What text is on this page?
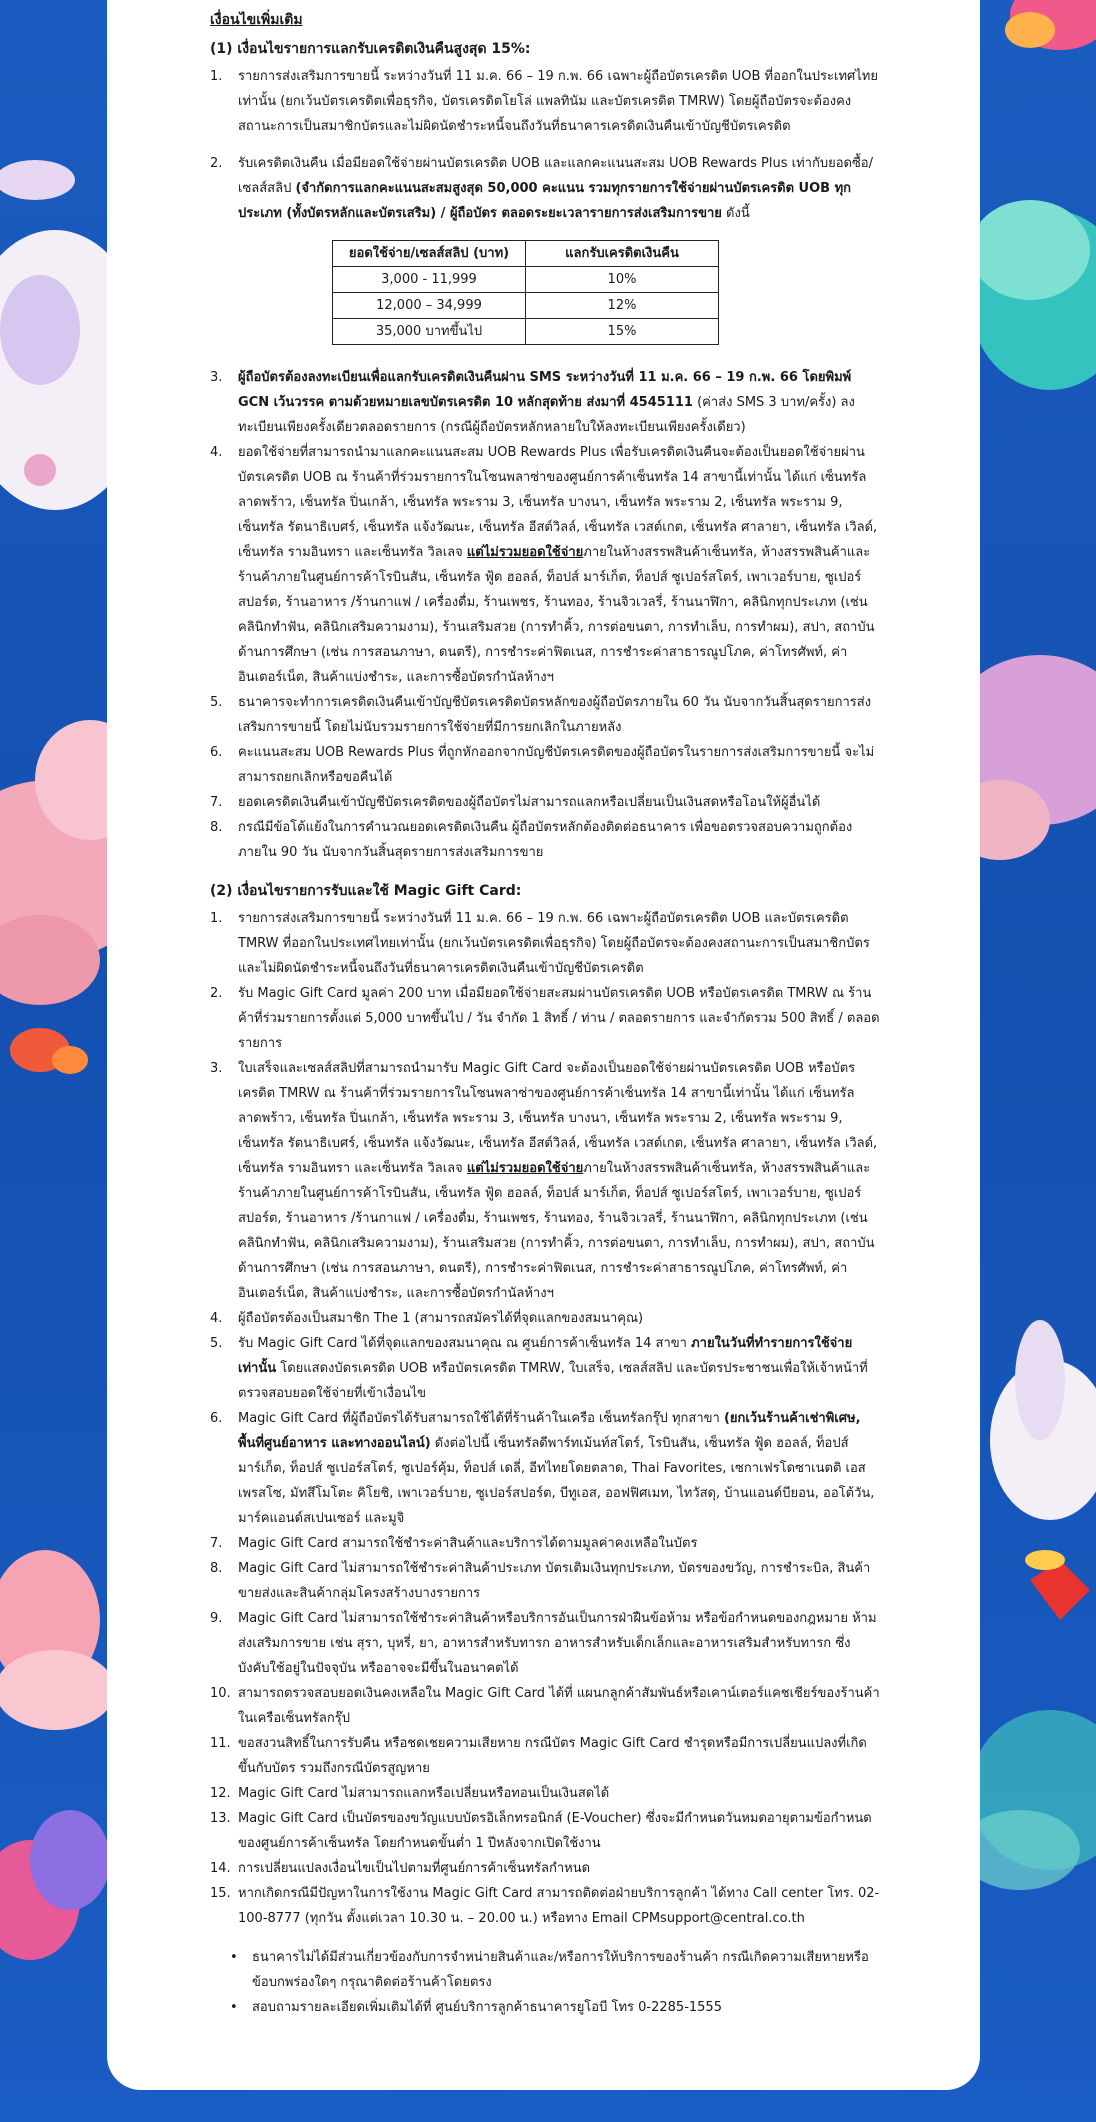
เงื่อนไขเพิ่มเติม
(1) เงื่อนไขรายการแลกรับเครดิตเงินคืนสูงสุด 15%:
1. รายการส่งเสริมการขายนี้ ระหว่างวันที่ 11 ม.ค. 66 – 19 ก.พ. 66 เฉพาะผู้ถือบัตรเครดิต UOB ที่ออกในประเทศไทยเท่านั้น (ยกเว้นบัตรเครดิตเพื่อธุรกิจ, บัตรเครดิตโยโล่ แพลทินัม และบัตรเครดิต TMRW) โดยผู้ถือบัตรจะต้องคงสถานะการเป็นสมาชิกบัตรและไม่ผิดนัดชำระหนี้จนถึงวันที่ธนาคารเครดิตเงินคืนเข้าบัญชีบัตรเครดิต
2. รับเครดิตเงินคืน เมื่อมียอดใช้จ่ายผ่านบัตรเครดิต UOB และแลกคะแนนสะสม UOB Rewards Plus เท่ากับยอดซื้อ/เซลส์สลิป (จำกัดการแลกคะแนนสะสมสูงสุด 50,000 คะแนน รวมทุกรายการใช้จ่ายผ่านบัตรเครดิต UOB ทุกประเภท (ทั้งบัตรหลักและบัตรเสริม) / ผู้ถือบัตร ตลอดระยะเวลารายการส่งเสริมการขาย ดังนี้
ยอดใช้จ่าย/เซลส์สลิป (บาท)	แลกรับเครดิตเงินคืน
3,000 - 11,999	10%
12,000 – 34,999	12%
35,000 บาทขึ้นไป	15%
3. ผู้ถือบัตรต้องลงทะเบียนเพื่อแลกรับเครดิตเงินคืนผ่าน SMS ระหว่างวันที่ 11 ม.ค. 66 – 19 ก.พ. 66 โดยพิมพ์ GCN เว้นวรรค ตามด้วยหมายเลขบัตรเครดิต 10 หลักสุดท้าย ส่งมาที่ 4545111 (ค่าส่ง SMS 3 บาท/ครั้ง) ลงทะเบียนเพียงครั้งเดียวตลอดรายการ (กรณีผู้ถือบัตรหลักหลายใบให้ลงทะเบียนเพียงครั้งเดียว)
4. ยอดใช้จ่ายที่สามารถนำมาแลกคะแนนสะสม UOB Rewards Plus เพื่อรับเครดิตเงินคืนจะต้องเป็นยอดใช้จ่ายผ่านบัตรเครดิต UOB ณ ร้านค้าที่ร่วมรายการในโซนพลาซ่าของศูนย์การค้าเซ็นทรัล 14 สาขานี้เท่านั้น ได้แก่ เซ็นทรัล ลาดพร้าว, เซ็นทรัล ปิ่นเกล้า, เซ็นทรัล พระราม 3, เซ็นทรัล บางนา, เซ็นทรัล พระราม 2, เซ็นทรัล พระราม 9, เซ็นทรัล รัตนาธิเบศร์, เซ็นทรัล แจ้งวัฒนะ, เซ็นทรัล อีสต์วิลล์, เซ็นทรัล เวสต์เกต, เซ็นทรัล ศาลายา, เซ็นทรัล เวิลด์, เซ็นทรัล รามอินทรา และเซ็นทรัล วิลเลจ แต่ไม่รวมยอดใช้จ่ายภายในห้างสรรพสินค้าเซ็นทรัล, ห้างสรรพสินค้าและร้านค้าภายในศูนย์การค้าโรบินสัน, เซ็นทรัล ฟู้ด ฮอลล์, ท็อปส์ มาร์เก็ต, ท็อปส์ ซูเปอร์สโตร์, เพาเวอร์บาย, ซูเปอร์สปอร์ต, ร้านอาหาร /ร้านกาแฟ / เครื่องดื่ม, ร้านเพชร, ร้านทอง, ร้านจิวเวลรี่, ร้านนาฬิกา, คลินิกทุกประเภท (เช่น คลินิกทำฟัน, คลินิกเสริมความงาม), ร้านเสริมสวย (การทำคิ้ว, การต่อขนตา, การทำเล็บ, การทำผม), สปา, สถาบันด้านการศึกษา (เช่น การสอนภาษา, ดนตรี), การชำระค่าฟิตเนส, การชำระค่าสาธารณูปโภค, ค่าโทรศัพท์, ค่าอินเตอร์เน็ต, สินค้าแบ่งชำระ, และการซื้อบัตรกำนัลห้างฯ
5. ธนาคารจะทำการเครดิตเงินคืนเข้าบัญชีบัตรเครดิตบัตรหลักของผู้ถือบัตรภายใน 60 วัน นับจากวันสิ้นสุดรายการส่งเสริมการขายนี้ โดยไม่นับรวมรายการใช้จ่ายที่มีการยกเลิกในภายหลัง
6. คะแนนสะสม UOB Rewards Plus ที่ถูกหักออกจากบัญชีบัตรเครดิตของผู้ถือบัตรในรายการส่งเสริมการขายนี้ จะไม่สามารถยกเลิกหรือขอคืนได้
7. ยอดเครดิตเงินคืนเข้าบัญชีบัตรเครดิตของผู้ถือบัตรไม่สามารถแลกหรือเปลี่ยนเป็นเงินสดหรือโอนให้ผู้อื่นได้
8. กรณีมีข้อโต้แย้งในการคำนวณยอดเครดิตเงินคืน ผู้ถือบัตรหลักต้องติดต่อธนาคาร เพื่อขอตรวจสอบความถูกต้องภายใน 90 วัน นับจากวันสิ้นสุดรายการส่งเสริมการขาย
(2) เงื่อนไขรายการรับและใช้ Magic Gift Card:
1. รายการส่งเสริมการขายนี้ ระหว่างวันที่ 11 ม.ค. 66 – 19 ก.พ. 66 เฉพาะผู้ถือบัตรเครดิต UOB และบัตรเครดิต TMRW ที่ออกในประเทศไทยเท่านั้น (ยกเว้นบัตรเครดิตเพื่อธุรกิจ) โดยผู้ถือบัตรจะต้องคงสถานะการเป็นสมาชิกบัตรและไม่ผิดนัดชำระหนี้จนถึงวันที่ธนาคารเครดิตเงินคืนเข้าบัญชีบัตรเครดิต
2. รับ Magic Gift Card มูลค่า 200 บาท เมื่อมียอดใช้จ่ายสะสมผ่านบัตรเครดิต UOB หรือบัตรเครดิต TMRW ณ ร้านค้าที่ร่วมรายการตั้งแต่ 5,000 บาทขึ้นไป / วัน จำกัด 1 สิทธิ์ / ท่าน / ตลอดรายการ และจำกัดรวม 500 สิทธิ์ / ตลอดรายการ
3. ใบเสร็จและเซลส์สลิปที่สามารถนำมารับ Magic Gift Card จะต้องเป็นยอดใช้จ่ายผ่านบัตรเครดิต UOB หรือบัตรเครดิต TMRW ณ ร้านค้าที่ร่วมรายการในโซนพลาซ่าของศูนย์การค้าเซ็นทรัล 14 สาขานี้เท่านั้น ได้แก่ เซ็นทรัล ลาดพร้าว, เซ็นทรัล ปิ่นเกล้า, เซ็นทรัล พระราม 3, เซ็นทรัล บางนา, เซ็นทรัล พระราม 2, เซ็นทรัล พระราม 9, เซ็นทรัล รัตนาธิเบศร์, เซ็นทรัล แจ้งวัฒนะ, เซ็นทรัล อีสต์วิลล์, เซ็นทรัล เวสต์เกต, เซ็นทรัล ศาลายา, เซ็นทรัล เวิลด์, เซ็นทรัล รามอินทรา และเซ็นทรัล วิลเลจ แต่ไม่รวมยอดใช้จ่ายภายในห้างสรรพสินค้าเซ็นทรัล, ห้างสรรพสินค้าและร้านค้าภายในศูนย์การค้าโรบินสัน, เซ็นทรัล ฟู้ด ฮอลล์, ท็อปส์ มาร์เก็ต, ท็อปส์ ซูเปอร์สโตร์, เพาเวอร์บาย, ซูเปอร์สปอร์ต, ร้านอาหาร /ร้านกาแฟ / เครื่องดื่ม, ร้านเพชร, ร้านทอง, ร้านจิวเวลรี่, ร้านนาฬิกา, คลินิกทุกประเภท (เช่น คลินิกทำฟัน, คลินิกเสริมความงาม), ร้านเสริมสวย (การทำคิ้ว, การต่อขนตา, การทำเล็บ, การทำผม), สปา, สถาบันด้านการศึกษา (เช่น การสอนภาษา, ดนตรี), การชำระค่าฟิตเนส, การชำระค่าสาธารณูปโภค, ค่าโทรศัพท์, ค่าอินเตอร์เน็ต, สินค้าแบ่งชำระ, และการซื้อบัตรกำนัลห้างฯ
4. ผู้ถือบัตรต้องเป็นสมาชิก The 1 (สามารถสมัครได้ที่จุดแลกของสมนาคุณ)
5. รับ Magic Gift Card ได้ที่จุดแลกของสมนาคุณ ณ ศูนย์การค้าเซ็นทรัล 14 สาขา ภายในวันที่ทำรายการใช้จ่ายเท่านั้น โดยแสดงบัตรเครดิต UOB หรือบัตรเครดิต TMRW, ใบเสร็จ, เซลส์สลิป และบัตรประชาชนเพื่อให้เจ้าหน้าที่ตรวจสอบยอดใช้จ่ายที่เข้าเงื่อนไข
6. Magic Gift Card ที่ผู้ถือบัตรได้รับสามารถใช้ได้ที่ร้านค้าในเครือ เซ็นทรัลกรุ๊ป ทุกสาขา (ยกเว้นร้านค้าเช่าพิเศษ, พื้นที่ศูนย์อาหาร และทางออนไลน์) ดังต่อไปนี้ เซ็นทรัลดีพาร์ทเม้นท์สโตร์, โรบินสัน, เซ็นทรัล ฟู้ด ฮอลล์, ท็อปส์ มาร์เก็ต, ท็อปส์ ซูเปอร์สโตร์, ซูเปอร์คุ้ม, ท็อปส์ เดลี่, อีทไทยโดยตลาด, Thai Favorites, เซกาเฟรโดซาเนตติ เอสเพรสโซ, มัทสึโมโตะ คิโยชิ, เพาเวอร์บาย, ซูเปอร์สปอร์ต, บีทูเอส, ออฟฟิศเมท, ไทวัสดุ, บ้านแอนด์บียอน, ออโต้วัน, มาร์คแอนด์สเปนเซอร์ และมูจิ
7. Magic Gift Card สามารถใช้ชำระค่าสินค้าและบริการได้ตามมูลค่าคงเหลือในบัตร
8. Magic Gift Card ไม่สามารถใช้ชำระค่าสินค้าประเภท บัตรเติมเงินทุกประเภท, บัตรของขวัญ, การชำระบิล, สินค้าขายส่งและสินค้ากลุ่มโครงสร้างบางรายการ
9. Magic Gift Card ไม่สามารถใช้ชำระค่าสินค้าหรือบริการอันเป็นการฝ่าฝืนข้อห้าม หรือข้อกำหนดของกฎหมาย ห้ามส่งเสริมการขาย เช่น สุรา, บุหรี่, ยา, อาหารสำหรับทารก อาหารสำหรับเด็กเล็กและอาหารเสริมสำหรับทารก ซึ่งบังคับใช้อยู่ในปัจจุบัน หรืออาจจะมีขึ้นในอนาคตได้
10. สามารถตรวจสอบยอดเงินคงเหลือใน Magic Gift Card ได้ที่ แผนกลูกค้าสัมพันธ์หรือเคาน์เตอร์แคชเชียร์ของร้านค้าในเครือเซ็นทรัลกรุ๊ป
11. ขอสงวนสิทธิ์ในการรับคืน หรือชดเชยความเสียหาย กรณีบัตร Magic Gift Card ชำรุดหรือมีการเปลี่ยนแปลงที่เกิดขึ้นกับบัตร รวมถึงกรณีบัตรสูญหาย
12. Magic Gift Card ไม่สามารถแลกหรือเปลี่ยนหรือทอนเป็นเงินสดได้
13. Magic Gift Card เป็นบัตรของขวัญแบบบัตรอิเล็กทรอนิกส์ (E-Voucher) ซึ่งจะมีกำหนดวันหมดอายุตามข้อกำหนดของศูนย์การค้าเซ็นทรัล โดยกำหนดขั้นต่ำ 1 ปีหลังจากเปิดใช้งาน
14. การเปลี่ยนแปลงเงื่อนไขเป็นไปตามที่ศูนย์การค้าเซ็นทรัลกำหนด
15. หากเกิดกรณีมีปัญหาในการใช้งาน Magic Gift Card สามารถติดต่อฝ่ายบริการลูกค้า ได้ทาง Call center โทร. 02-100-8777 (ทุกวัน ตั้งแต่เวลา 10.30 น. – 20.00 น.) หรือทาง Email CPMsupport@central.co.th
• ธนาคารไม่ได้มีส่วนเกี่ยวข้องกับการจำหน่ายสินค้าและ/หรือการให้บริการของร้านค้า กรณีเกิดความเสียหายหรือข้อบกพร่องใดๆ กรุณาติดต่อร้านค้าโดยตรง
• สอบถามรายละเอียดเพิ่มเติมได้ที่ ศูนย์บริการลูกค้าธนาคารยูโอบี โทร 0-2285-1555
